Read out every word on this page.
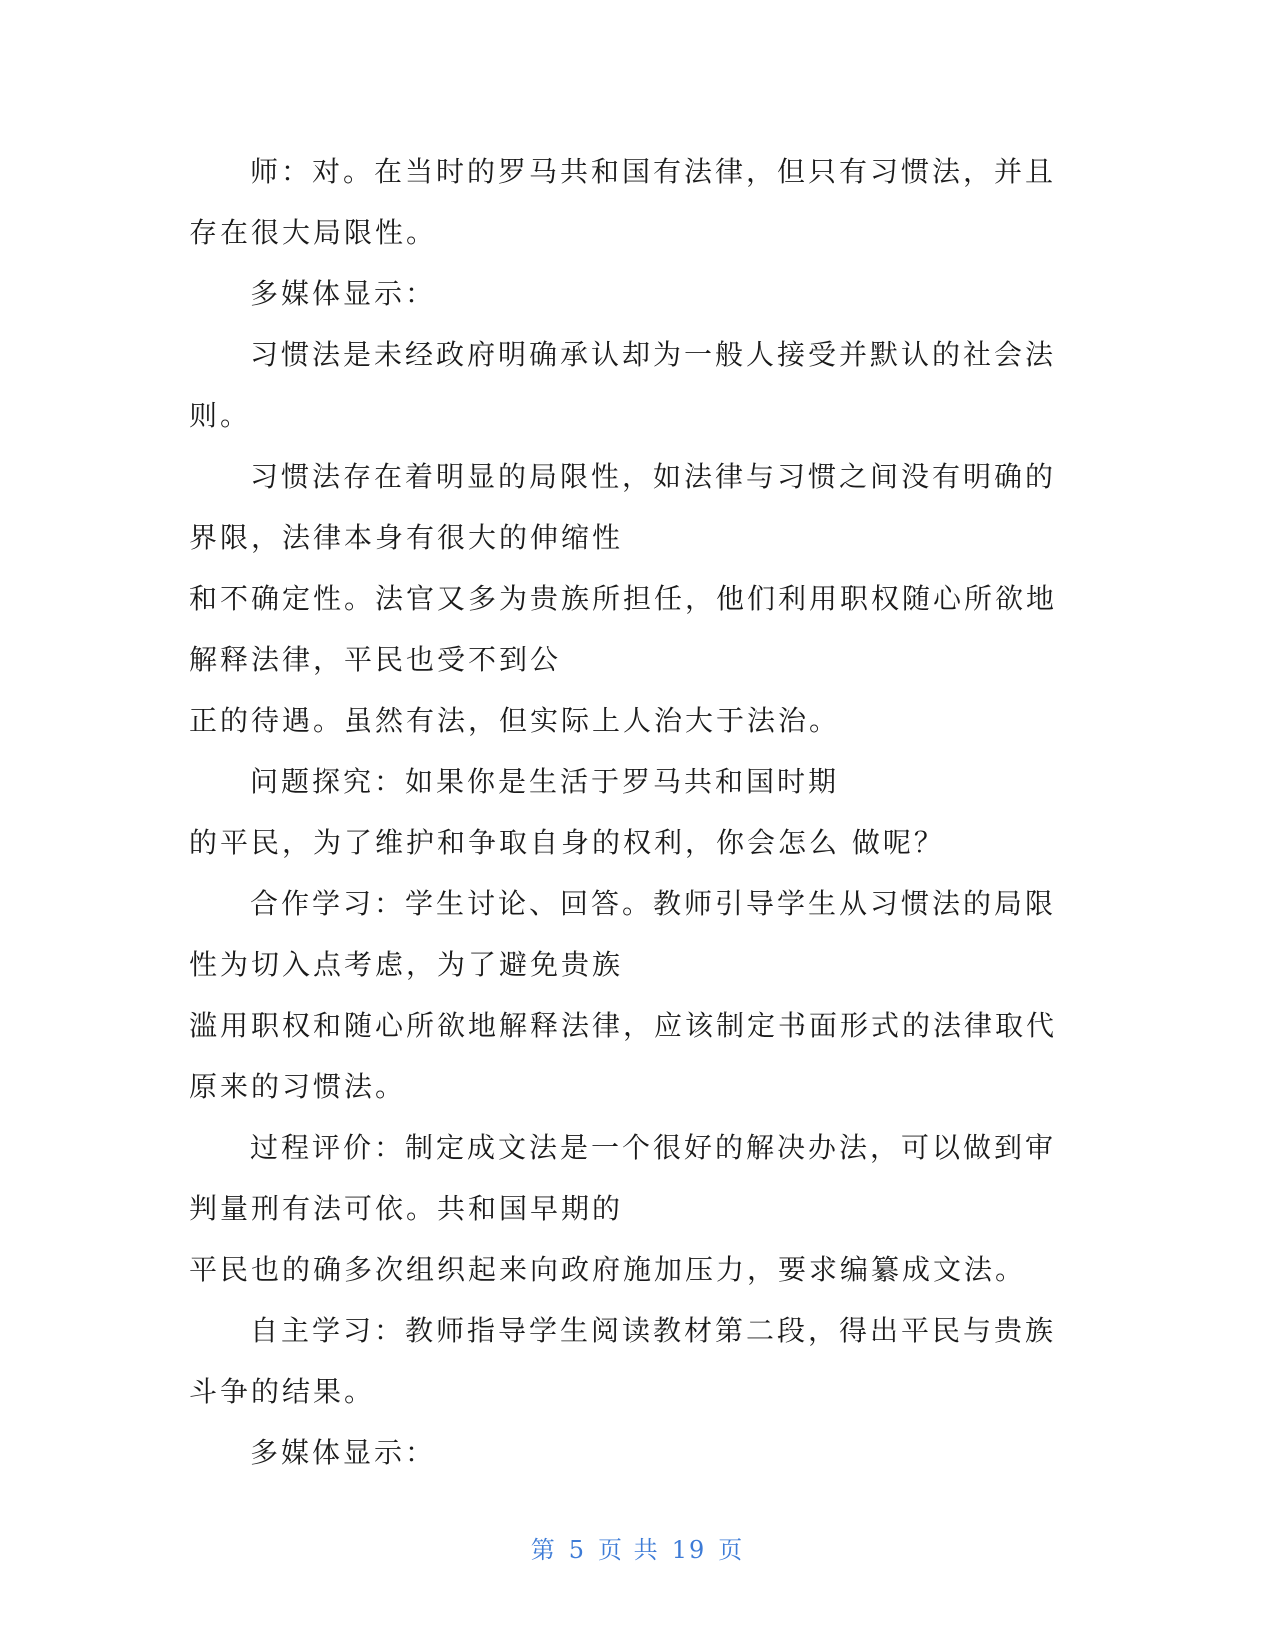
师：对。在当时的罗马共和国有法律，但只有习惯法，并且
存在很大局限性。
多媒体显示：
习惯法是未经政府明确承认却为一般人接受并默认的社会法
则。
习惯法存在着明显的局限性，如法律与习惯之间没有明确的
界限，法律本身有很大的伸缩性
和不确定性。法官又多为贵族所担任，他们利用职权随心所欲地
解释法律，平民也受不到公
正的待遇。虽然有法，但实际上人治大于法治。
问题探究：如果你是生活于罗马共和国时期
的平民，为了维护和争取自身的权利，你会怎么 做呢？
合作学习：学生讨论、回答。教师引导学生从习惯法的局限
性为切入点考虑，为了避免贵族
滥用职权和随心所欲地解释法律，应该制定书面形式的法律取代
原来的习惯法。
过程评价：制定成文法是一个很好的解决办法，可以做到审
判量刑有法可依。共和国早期的
平民也的确多次组织起来向政府施加压力，要求编纂成文法。
自主学习：教师指导学生阅读教材第二段，得出平民与贵族
斗争的结果。
多媒体显示：
第 5 页 共 19 页
